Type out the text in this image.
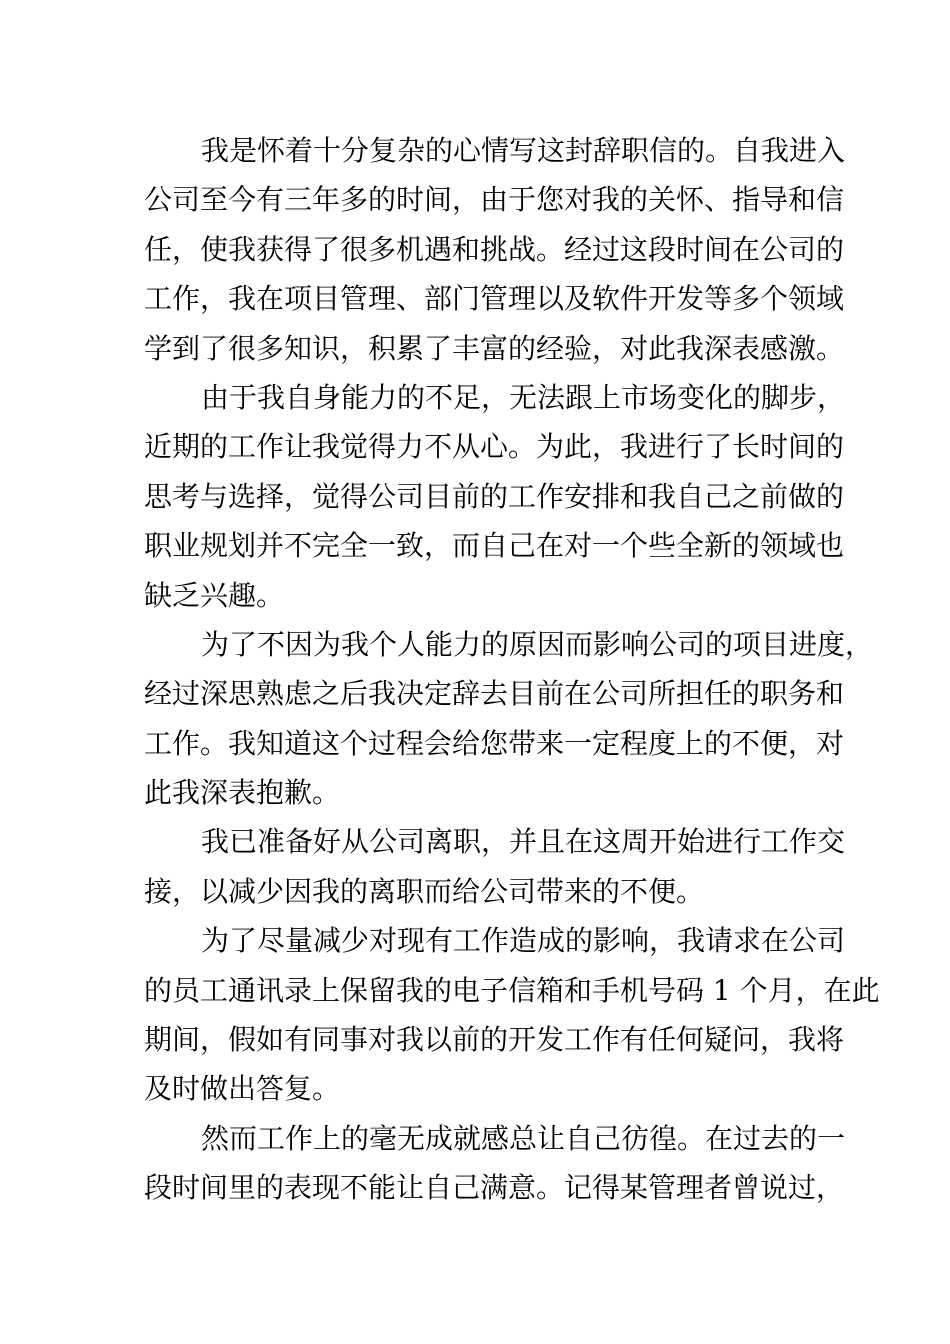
我是怀着十分复杂的心情写这封辞职信的。自我进入
公司至今有三年多的时间，由于您对我的关怀、指导和信
任，使我获得了很多机遇和挑战。经过这段时间在公司的
工作，我在项目管理、部门管理以及软件开发等多个领域
学到了很多知识，积累了丰富的经验，对此我深表感激。
由于我自身能力的不足，无法跟上市场变化的脚步，
近期的工作让我觉得力不从心。为此，我进行了长时间的
思考与选择，觉得公司目前的工作安排和我自己之前做的
职业规划并不完全一致，而自己在对一个些全新的领域也
缺乏兴趣。
为了不因为我个人能力的原因而影响公司的项目进度，
经过深思熟虑之后我决定辞去目前在公司所担任的职务和
工作。我知道这个过程会给您带来一定程度上的不便，对
此我深表抱歉。
我已准备好从公司离职，并且在这周开始进行工作交
接，以减少因我的离职而给公司带来的不便。
为了尽量减少对现有工作造成的影响，我请求在公司
的员工通讯录上保留我的电子信箱和手机号码 1 个月，在此
期间，假如有同事对我以前的开发工作有任何疑问，我将
及时做出答复。
然而工作上的毫无成就感总让自己彷徨。在过去的一
段时间里的表现不能让自己满意。记得某管理者曾说过，
